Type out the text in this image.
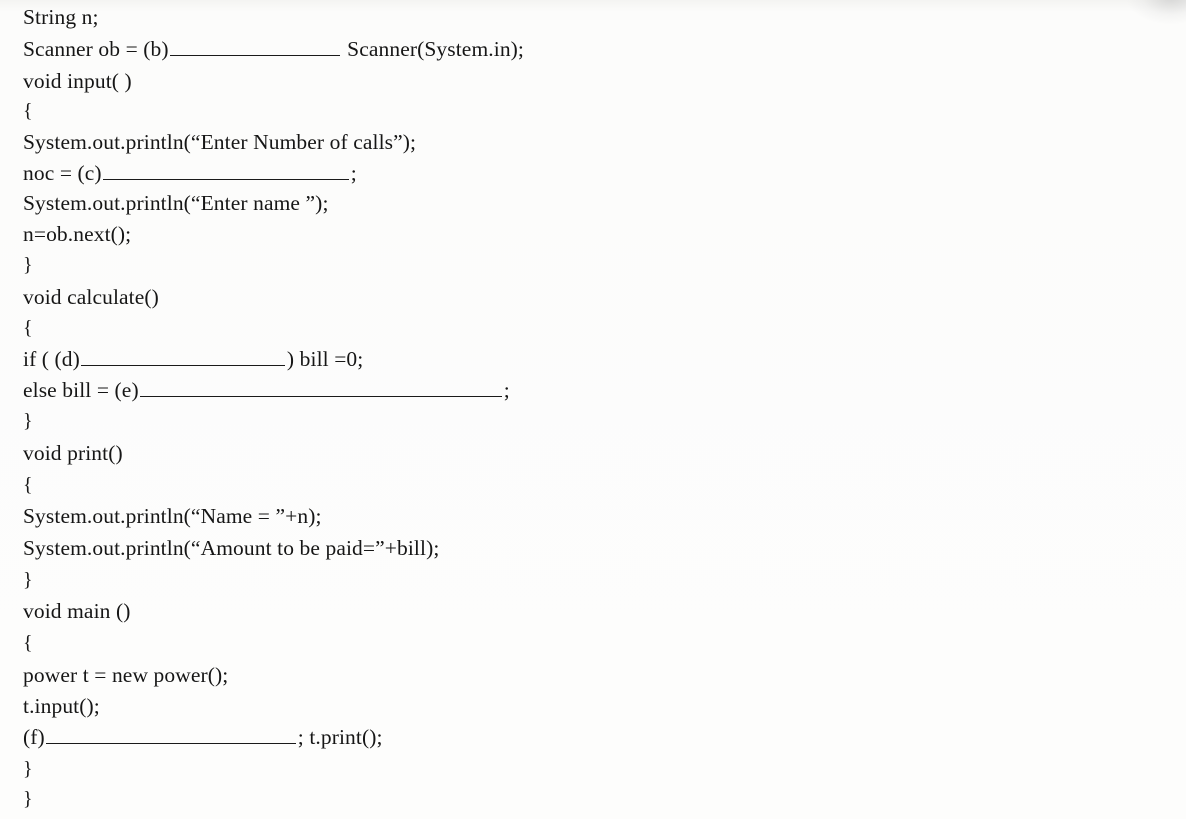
String n;
Scanner ob = (b)	Scanner(System.in);
void input( )
{
System.out.println(“Enter Number of calls”);
noc = (c)	;
System.out.println(“Enter name ”);
n=ob.next();
}
void calculate()
{
if ( (d)	) bill =0;
else bill = (e)	;
}
void print()
{
System.out.println(“Name = ”+n);
System.out.println(“Amount to be paid=”+bill);
}
void main ()
{
power t = new power();
t.input();
(f)	; t.print();
}
}
